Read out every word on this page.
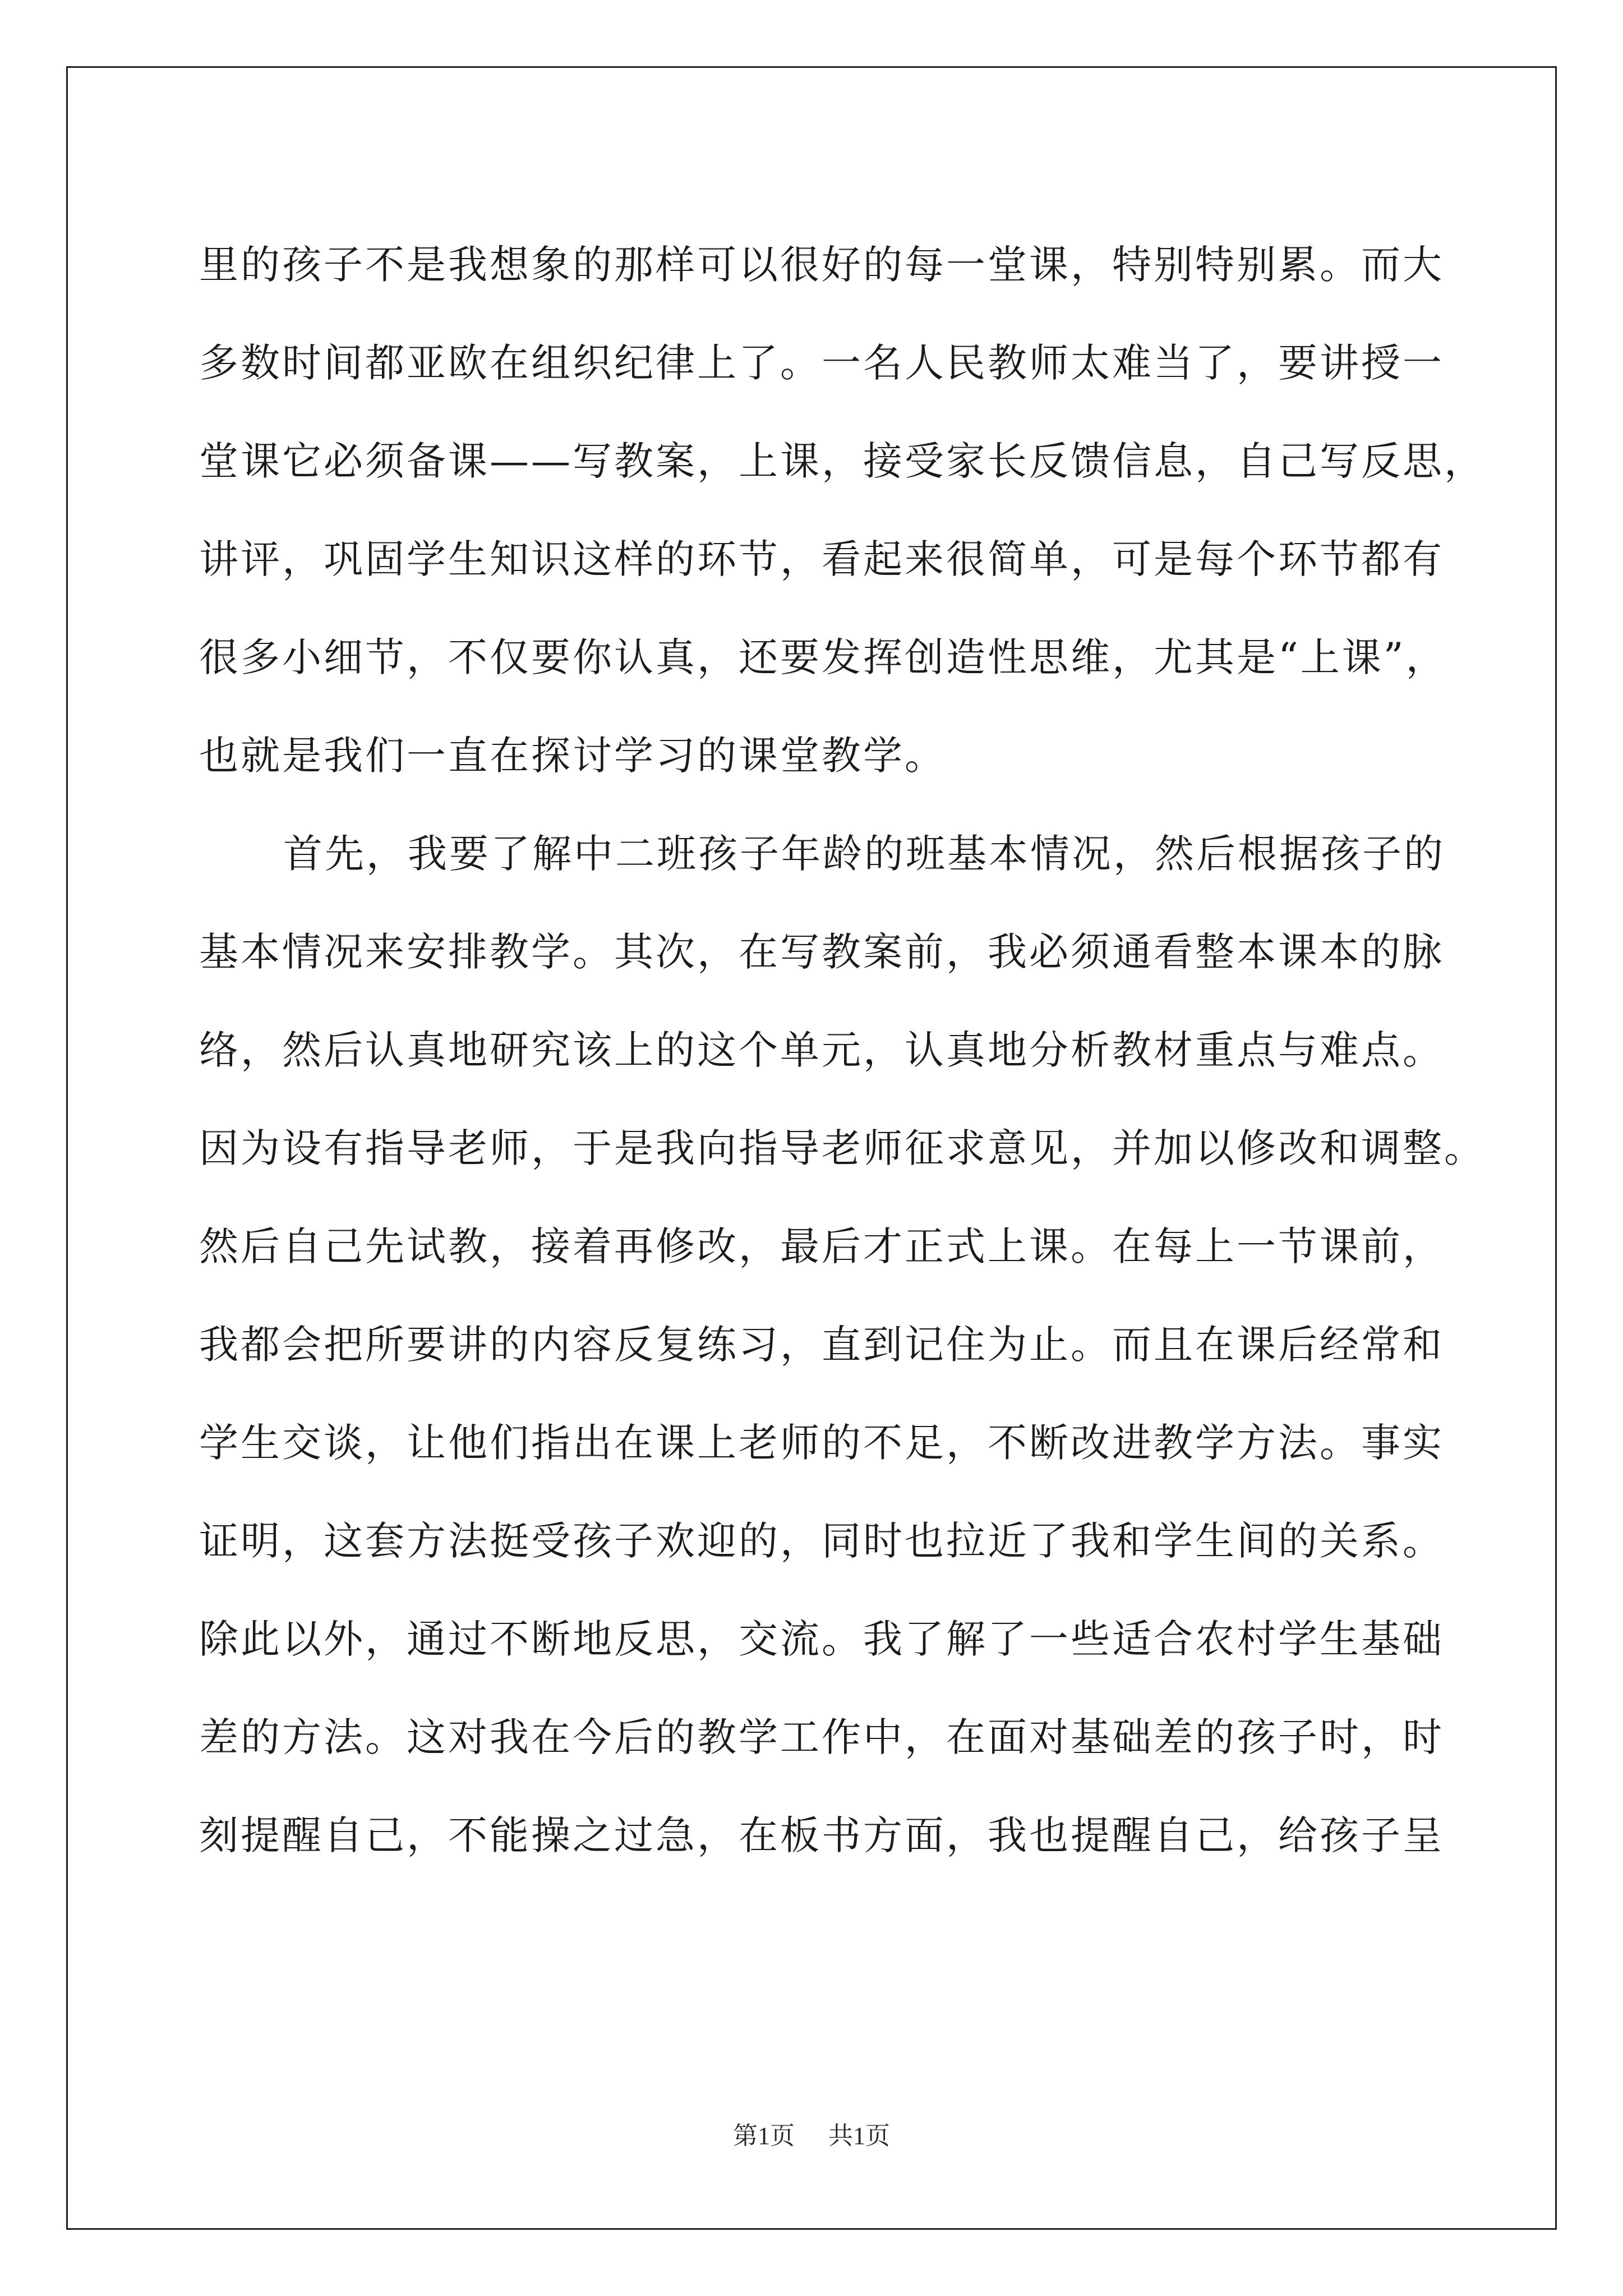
里的孩子不是我想象的那样可以很好的每一堂课，特别特别累。而大
多数时间都亚欧在组织纪律上了。一名人民教师太难当了，要讲授一
堂课它必须备课——写教案，上课，接受家长反馈信息，自己写反思，
讲评，巩固学生知识这样的环节，看起来很简单，可是每个环节都有
很多小细节，不仅要你认真，还要发挥创造性思维，尤其是“上课”，
也就是我们一直在探讨学习的课堂教学。
首先，我要了解中二班孩子年龄的班基本情况，然后根据孩子的
基本情况来安排教学。其次，在写教案前，我必须通看整本课本的脉
络，然后认真地研究该上的这个单元，认真地分析教材重点与难点。
因为设有指导老师，于是我向指导老师征求意见，并加以修改和调整。
然后自己先试教，接着再修改，最后才正式上课。在每上一节课前，
我都会把所要讲的内容反复练习，直到记住为止。而且在课后经常和
学生交谈，让他们指出在课上老师的不足，不断改进教学方法。事实
证明，这套方法挺受孩子欢迎的，同时也拉近了我和学生间的关系。
除此以外，通过不断地反思，交流。我了解了一些适合农村学生基础
差的方法。这对我在今后的教学工作中，在面对基础差的孩子时，时
刻提醒自己，不能操之过急，在板书方面，我也提醒自己，给孩子呈
第1页 共1页
